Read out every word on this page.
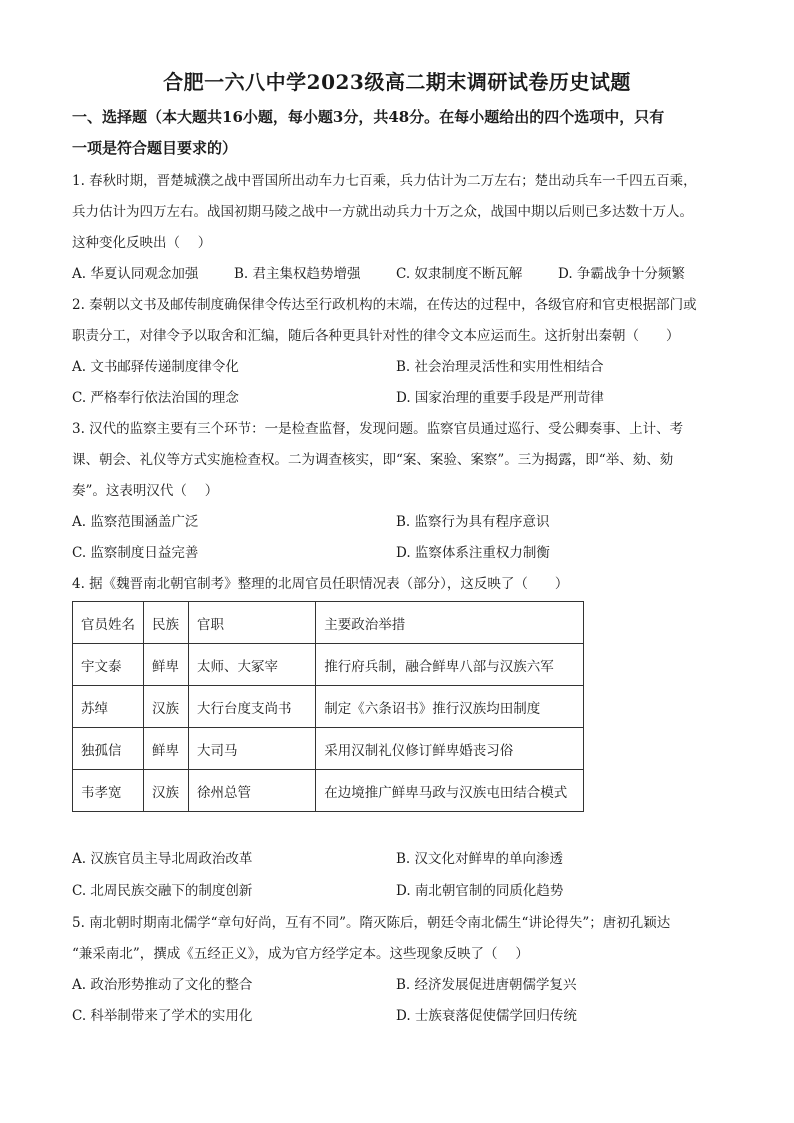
合肥一六八中学2023级高二期末调研试卷历史试题
一、选择题（本大题共16小题，每小题3分，共48分。在每小题给出的四个选项中，只有
一项是符合题目要求的）
1. 春秋时期，晋楚城濮之战中晋国所出动车力七百乘，兵力估计为二万左右；楚出动兵车一千四五百乘，
兵力估计为四万左右。战国初期马陵之战中一方就出动兵力十万之众，战国中期以后则已多达数十万人。
这种变化反映出（　 ）
A. 华夏认同观念加强	B. 君主集权趋势增强	C. 奴隶制度不断瓦解	D. 争霸战争十分频繁
2. 秦朝以文书及邮传制度确保律令传达至行政机构的末端，在传达的过程中，各级官府和官吏根据部门或
职责分工，对律令予以取舍和汇编，随后各种更具针对性的律令文本应运而生。这折射出秦朝（　　）
A. 文书邮驿传递制度律令化	B. 社会治理灵活性和实用性相结合
C. 严格奉行依法治国的理念	D. 国家治理的重要手段是严刑苛律
3. 汉代的监察主要有三个环节：一是检查监督，发现问题。监察官员通过巡行、受公卿奏事、上计、考
课、朝会、礼仪等方式实施检查权。二为调查核实，即“案、案验、案察”。三为揭露，即“举、劾、劾
奏”。这表明汉代（　 ）
A. 监察范围涵盖广泛	B. 监察行为具有程序意识
C. 监察制度日益完善	D. 监察体系注重权力制衡
4. 据《魏晋南北朝官制考》整理的北周官员任职情况表（部分），这反映了（　　）
官员姓名	民族	官职	主要政治举措
宇文泰	鲜卑	太师、大冢宰	推行府兵制，融合鲜卑八部与汉族六军
苏绰	汉族	大行台度支尚书	制定《六条诏书》推行汉族均田制度
独孤信	鲜卑	大司马	采用汉制礼仪修订鲜卑婚丧习俗
韦孝宽	汉族	徐州总管	在边境推广鲜卑马政与汉族屯田结合模式
A. 汉族官员主导北周政治改革	B. 汉文化对鲜卑的单向渗透
C. 北周民族交融下的制度创新	D. 南北朝官制的同质化趋势
5. 南北朝时期南北儒学“章句好尚，互有不同”。隋灭陈后，朝廷令南北儒生“讲论得失”；唐初孔颖达
“兼采南北”，撰成《五经正义》，成为官方经学定本。这些现象反映了（　 ）
A. 政治形势推动了文化的整合	B. 经济发展促进唐朝儒学复兴
C. 科举制带来了学术的实用化	D. 士族衰落促使儒学回归传统
